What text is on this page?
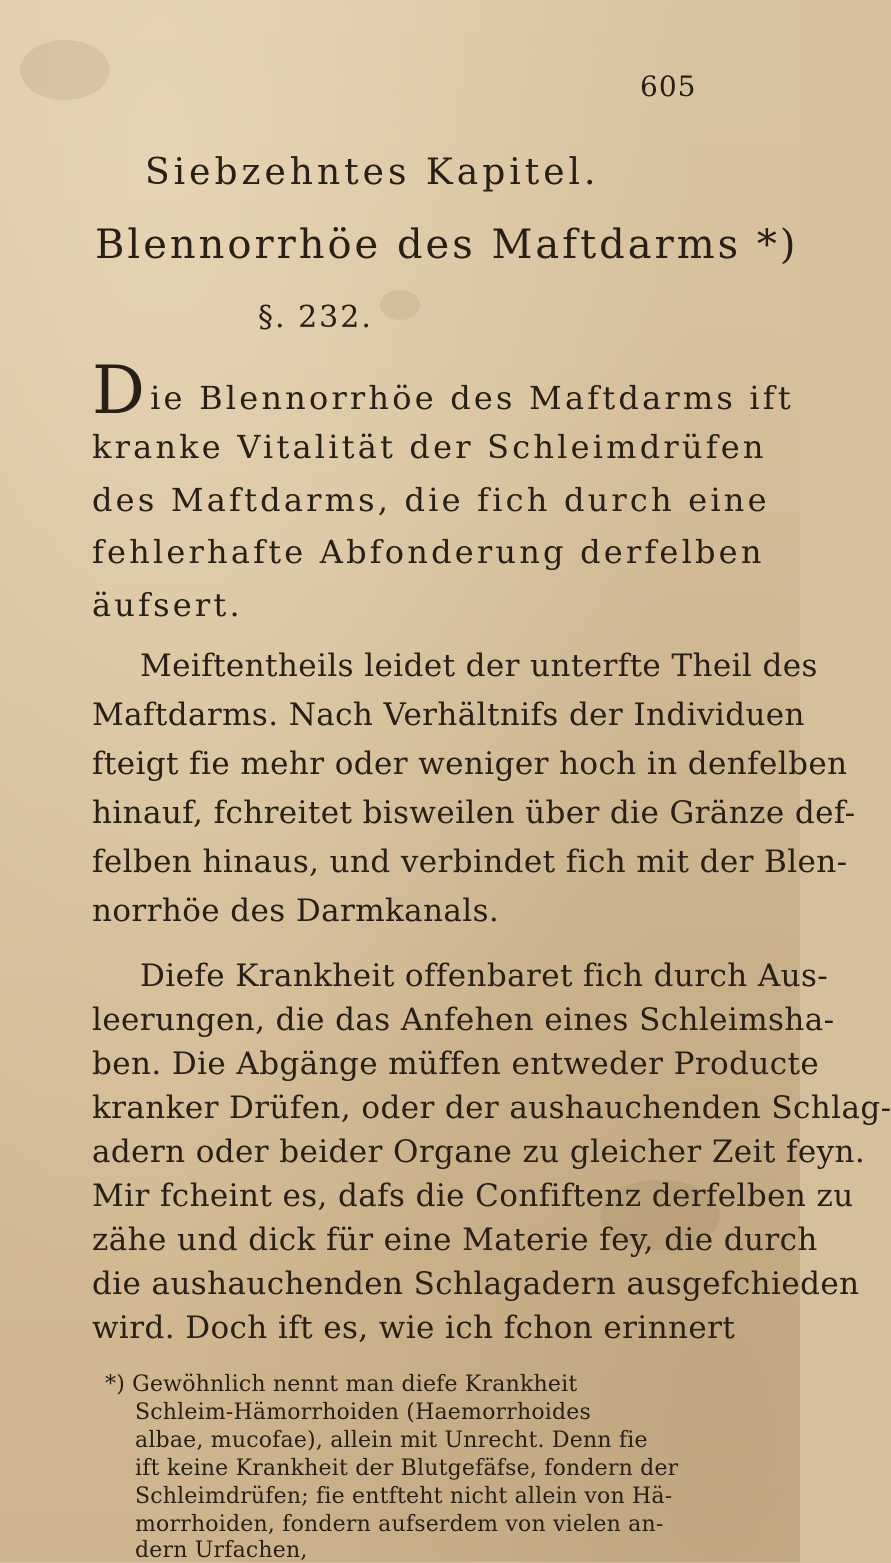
605
Siebzehntes Kapitel.
Blennorrhöe des Maftdarms *)
§. 232.
Die Blennorrhöe des Maftdarms ift
kranke Vitalität der Schleimdrüfen
des Maftdarms, die fich durch eine
fehlerhafte Abfonderung derfelben
äufsert.
Meiftentheils leidet der unterfte Theil des
Maftdarms. Nach Verhältnifs der Individuen
fteigt fie mehr oder weniger hoch in denfelben
hinauf, fchreitet bisweilen über die Gränze def-
felben hinaus, und verbindet fich mit der Blen-
norrhöe des Darmkanals.
Diefe Krankheit offenbaret fich durch Aus-
leerungen, die das Anfehen eines Schleimsha-
ben. Die Abgänge müffen entweder Producte
kranker Drüfen, oder der aushauchenden Schlag-
adern oder beider Organe zu gleicher Zeit feyn.
Mir fcheint es, dafs die Confiftenz derfelben zu
zähe und dick für eine Materie fey, die durch
die aushauchenden Schlagadern ausgefchieden
wird. Doch ift es, wie ich fchon erinnert
*) Gewöhnlich nennt man diefe Krankheit
Schleim-Hämorrhoiden (Haemorrhoides
albae, mucofae), allein mit Unrecht. Denn fie
ift keine Krankheit der Blutgefäfse, fondern der
Schleimdrüfen; fie entfteht nicht allein von Hä-
morrhoiden, fondern aufserdem von vielen an-
dern Urfachen,
